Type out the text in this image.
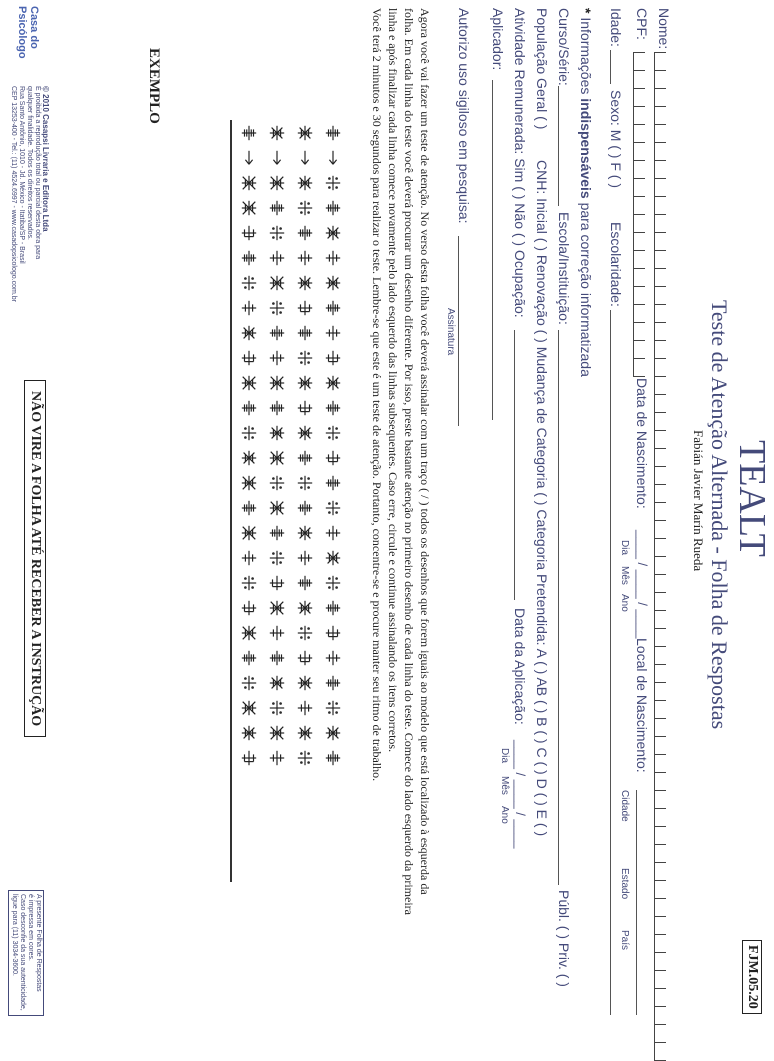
FJM.05.20
TEALT
Teste de Atenção Alternada - Folha de Respostas
Fabián Javier Marín Rueda
Nome:
CPF:
Data de Nascimento:
____ / ____ / ____
Dia
Mês
Ano
Local de Nascimento:
Cidade
Estado
País
Idade:
Sexo: M ( ) F ( )
Escolaridade:
* Informações indispensáveis para correção informatizada
Curso/Série:
Escola/Instituição:
Públ. ( ) Priv. ( )
População Geral ( )
CNH: Inicial ( ) Renovação ( ) Mudança de Categoria ( ) Categoria Pretendida: A ( ) AB ( ) B ( ) C ( ) D ( ) E ( )
Atividade Remunerada: Sim ( ) Não ( ) Ocupação:
Data da Aplicação:
____ / ____ / ____
Dia
Mês
Ano
Aplicador:
Autorizo uso sigiloso em pesquisa:
Assinatura
Agora você vai fazer um teste de atenção. No verso desta folha você deverá assinalar com um traço ( / ) todos os desenhos que forem iguais ao modelo que está localizado à esquerda da
folha. Em cada linha do teste você deverá procurar um desenho diferente. Por isso, preste bastante atenção no primeiro desenho de cada linha do teste. Comece do lado esquerdo da primeira
linha e após finalizar cada linha comece novamente pelo lado esquerdo das linhas subsequentes. Caso erre, circule e continue assinalando os itens corretos.
Você terá 2 minutos e 30 segundos para realizar o teste. Lembre-se que este é um teste de atenção. Portanto, concentre-se e procure manter seu ritmo de trabalho.
EXEMPLO
NÃO VIRE A FOLHA ATÉ RECEBER A INSTRUÇÃO
Casa do
Psicólogo
© 2010 Casapsi Livraria e Editora Ltda
É proibida a reprodução total ou parcial desta obra para
qualquer finalidade. Todos os direitos reservados.
Rua Santo Antônio, 1010 - Jd. México - Itatiba/SP - Brasil
CEP 13253-400 - Tel.: (11) 4524.6997 - www.casadopsicologo.com.br
A presente Folha de Respostas
é impressa em cores.
Caso desconfie da sua autenticidade,
ligue para (11) 3034-3600.
